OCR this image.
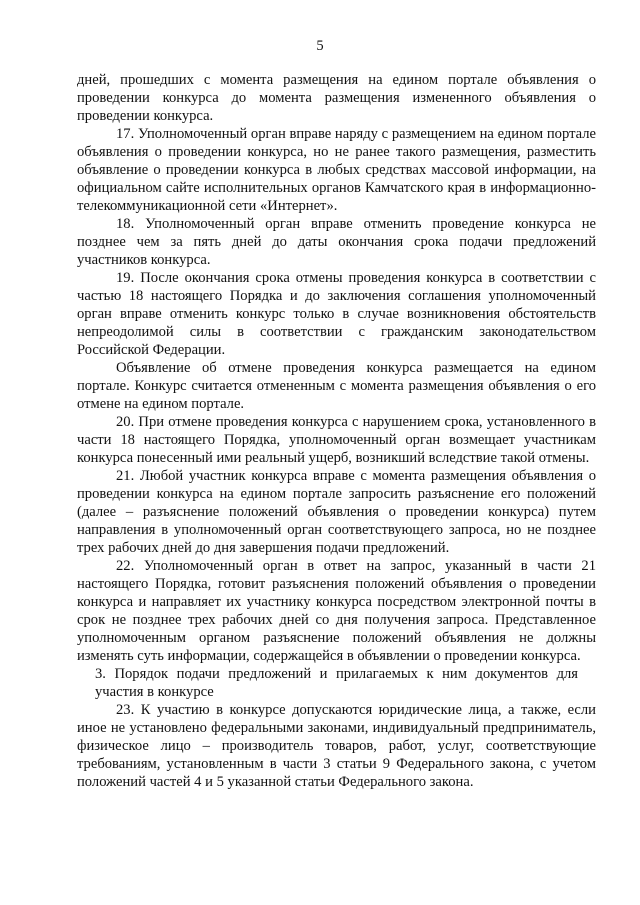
5

дней, прошедших с момента размещения на едином портале объявления о проведении конкурса до момента размещения измененного объявления о проведении конкурса.

17. Уполномоченный орган вправе наряду с размещением на едином портале объявления о проведении конкурса, но не ранее такого размещения, разместить объявление о проведении конкурса в любых средствах массовой информации, на официальном сайте исполнительных органов Камчатского края в информационно-телекоммуникационной сети «Интернет».

18. Уполномоченный орган вправе отменить проведение конкурса не позднее чем за пять дней до даты окончания срока подачи предложений участников конкурса.

19. После окончания срока отмены проведения конкурса в соответствии с частью 18 настоящего Порядка и до заключения соглашения уполномоченный орган вправе отменить конкурс только в случае возникновения обстоятельств непреодолимой силы в соответствии с гражданским законодательством Российской Федерации.

Объявление об отмене проведения конкурса размещается на едином портале. Конкурс считается отмененным с момента размещения объявления о его отмене на едином портале.

20. При отмене проведения конкурса с нарушением срока, установленного в части 18 настоящего Порядка, уполномоченный орган возмещает участникам конкурса понесенный ими реальный ущерб, возникший вследствие такой отмены.

21. Любой участник конкурса вправе с момента размещения объявления о проведении конкурса на едином портале запросить разъяснение его положений (далее – разъяснение положений объявления о проведении конкурса) путем направления в уполномоченный орган соответствующего запроса, но не позднее трех рабочих дней до дня завершения подачи предложений.

22. Уполномоченный орган в ответ на запрос, указанный в части 21 настоящего Порядка, готовит разъяснения положений объявления о проведении конкурса и направляет их участнику конкурса посредством электронной почты в срок не позднее трех рабочих дней со дня получения запроса. Представленное уполномоченным органом разъяснение положений объявления не должны изменять суть информации, содержащейся в объявлении о проведении конкурса.

3. Порядок подачи предложений и прилагаемых к ним документов для участия в конкурсе

23. К участию в конкурсе допускаются юридические лица, а также, если иное не установлено федеральными законами, индивидуальный предприниматель, физическое лицо – производитель товаров, работ, услуг, соответствующие требованиям, установленным в части 3 статьи 9 Федерального закона, с учетом положений частей 4 и 5 указанной статьи Федерального закона.
